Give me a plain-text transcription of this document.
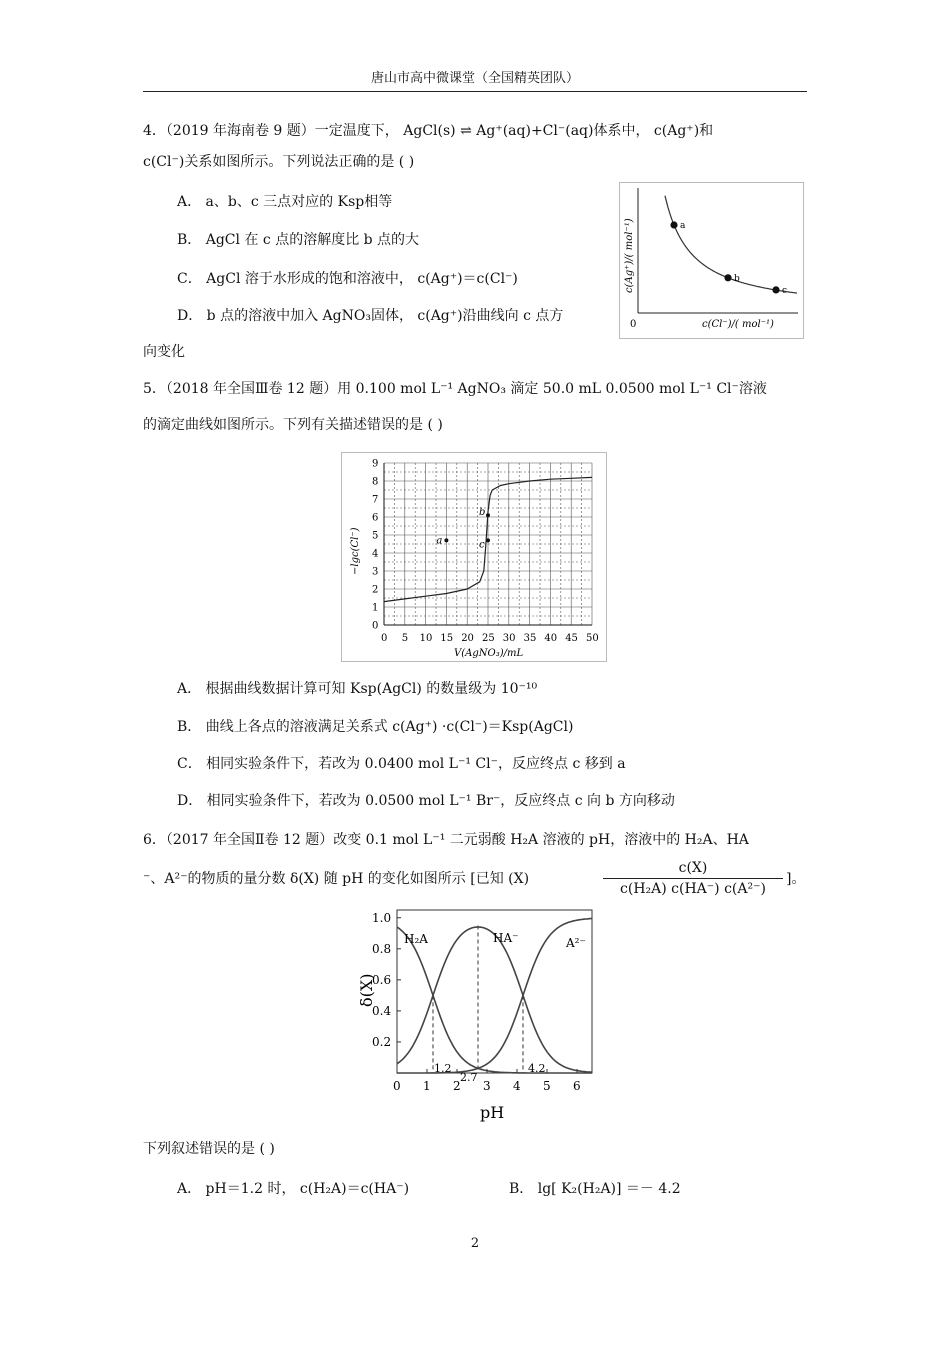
唐山市高中微课堂（全国精英团队）
4．（2019 年海南卷 9 题）一定温度下， AgCl(s) ⇌ Ag⁺(aq)+Cl⁻(aq)体系中， c(Ag⁺)和
c(Cl⁻)关系如图所示。下列说法正确的是 ( )
A． a、b、c 三点对应的 Ksp相等
B． AgCl 在 c 点的溶解度比 b 点的大
C． AgCl 溶于水形成的饱和溶液中， c(Ag⁺)＝c(Cl⁻)
D． b 点的溶液中加入 AgNO₃固体， c(Ag⁺)沿曲线向 c 点方
向变化
a
b
c
0	c(Cl⁻)/( mol⁻¹)
c(Ag⁺)/( mol⁻¹)
5．（2018 年全国Ⅲ卷 12 题）用 0.100 mol L⁻¹ AgNO₃ 滴定 50.0 mL 0.0500 mol L⁻¹ Cl⁻溶液
的滴定曲线如图所示。下列有关描述错误的是 ( )
0
1
2
3
4
5
6
7
8
9
0 5 10 15 20 25 30 35 40 45 50
a
b
c
V(AgNO₃)/mL
−lgc(Cl⁻)
A． 根据曲线数据计算可知 Ksp(AgCl) 的数量级为 10⁻¹⁰
B． 曲线上各点的溶液满足关系式 c(Ag⁺) ·c(Cl⁻)＝Ksp(AgCl)
C． 相同实验条件下，若改为 0.0400 mol L⁻¹ Cl⁻，反应终点 c 移到 a
D． 相同实验条件下，若改为 0.0500 mol L⁻¹ Br⁻，反应终点 c 向 b 方向移动
6．（2017 年全国Ⅱ卷 12 题）改变 0.1 mol L⁻¹ 二元弱酸 H₂A 溶液的 pH，溶液中的 H₂A、HA
⁻、A²⁻的物质的量分数 δ(X) 随 pH 的变化如图所示 [已知 (X)
c(X)
c(H₂A) c(HA⁻) c(A²⁻)
]。
1.0
0.8
0.6
0.4
0.2
0 1 2 3 4 5 6
H₂A	HA⁻	A²⁻
1.2
2.7
4.2
pH
δ(X)
下列叙述错误的是 ( )
A． pH＝1.2 时， c(H₂A)＝c(HA⁻)	B． lg[ K₂(H₂A)] ＝－ 4.2
2
